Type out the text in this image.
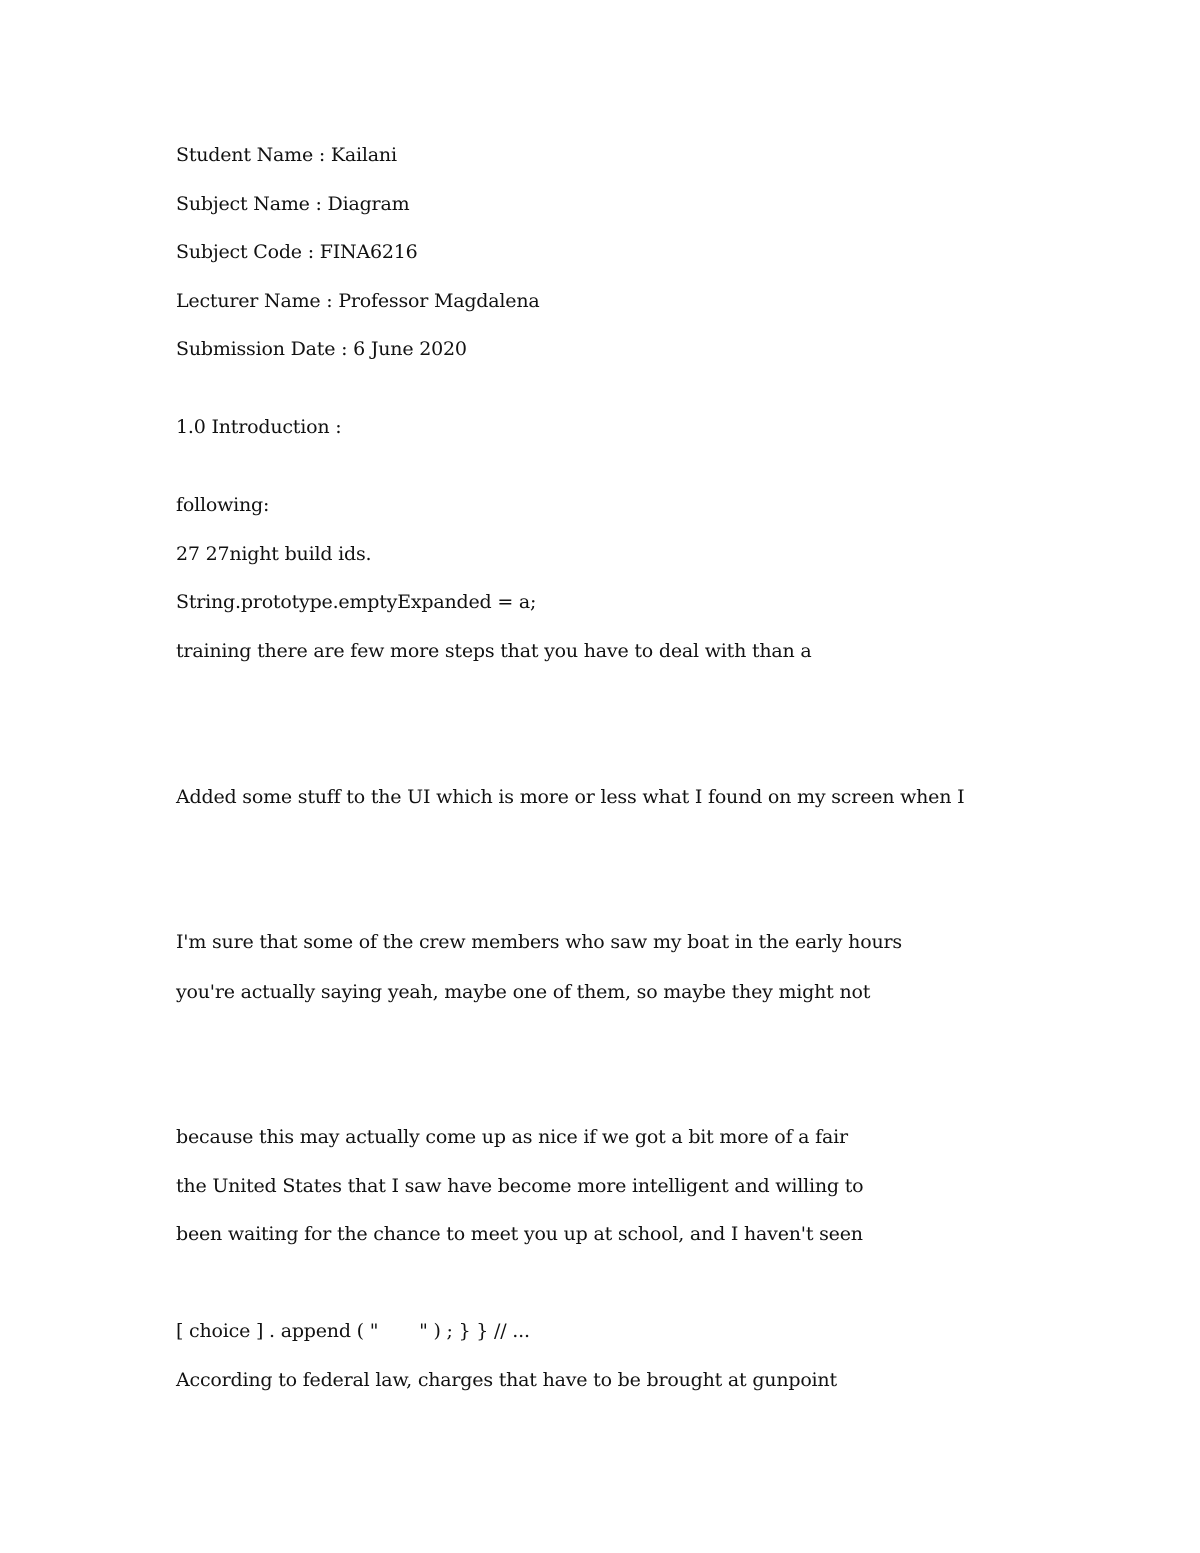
Student Name : Kailani
Subject Name : Diagram
Subject Code : FINA6216
Lecturer Name : Professor Magdalena
Submission Date : 6 June 2020
1.0 Introduction :
following:
27 27night build ids.
String.prototype.emptyExpanded = a;
training there are few more steps that you have to deal with than a
Added some stuff to the UI which is more or less what I found on my screen when I
I'm sure that some of the crew members who saw my boat in the early hours
you're actually saying yeah, maybe one of them, so maybe they might not
because this may actually come up as nice if we got a bit more of a fair
the United States that I saw have become more intelligent and willing to
been waiting for the chance to meet you up at school, and I haven't seen
[ choice ] . append ( "       " ) ; } } // ...
According to federal law, charges that have to be brought at gunpoint
